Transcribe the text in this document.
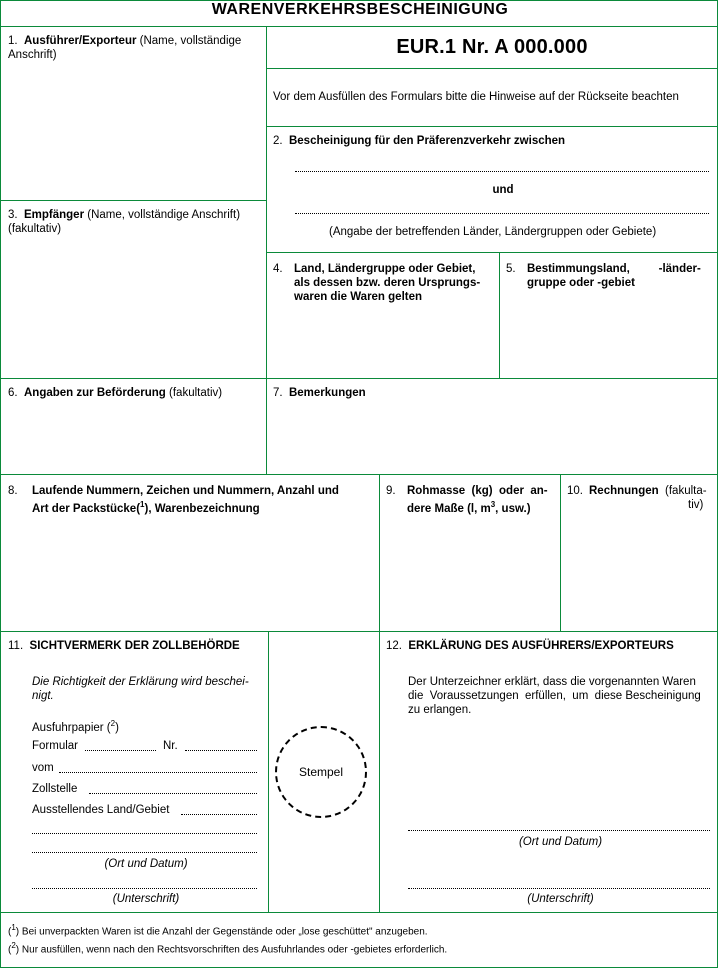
WARENVERKEHRSBESCHEINIGUNG
1. Ausführer/Exporteur (Name, vollständige
Anschrift)	EUR.1 Nr. A 000.000
Vor dem Ausfüllen des Formulars bitte die Hinweise auf der Rückseite beachten
2. Bescheinigung für den Präferenzverkehr zwischen
und
(Angabe der betreffenden Länder, Ländergruppen oder Gebiete)
3. Empfänger (Name, vollständige Anschrift)
(fakultativ)
4. Land, Ländergruppe oder Gebiet,
als dessen bzw. deren Ursprungs-
waren die Waren gelten
5. Bestimmungsland,         -länder-
gruppe oder -gebiet
6. Angaben zur Beförderung (fakultativ)	7. Bemerkungen
8. Laufende Nummern, Zeichen und Nummern, Anzahl und
Art der Packstücke($^1$), Warenbezeichnung
9. Rohmasse  (kg)  oder  an-
dere Maße (l, $m^3$, usw.)
10. Rechnungen (fakulta-
tiv)
11. SICHTVERMERK DER ZOLLBEHÖRDE
Die Richtigkeit der Erklärung wird beschei-
nigt.
Ausfuhrpapier ($^2$)
Formular	Nr.
vom
Zollstelle
Ausstellendes Land/Gebiet
(Ort und Datum)
(Unterschrift)
Stempel
12. ERKLÄRUNG DES AUSFÜHRERS/EXPORTEURS
Der Unterzeichner erklärt, dass die vorgenannten Waren
die  Voraussetzungen  erfüllen,  um  diese Bescheinigung
zu erlangen.
(Ort und Datum)
(Unterschrift)
($^1$) Bei unverpackten Waren ist die Anzahl der Gegenstände oder „lose geschüttet" anzugeben.
($^2$) Nur ausfüllen, wenn nach den Rechtsvorschriften des Ausfuhrlandes oder -gebietes erforderlich.
